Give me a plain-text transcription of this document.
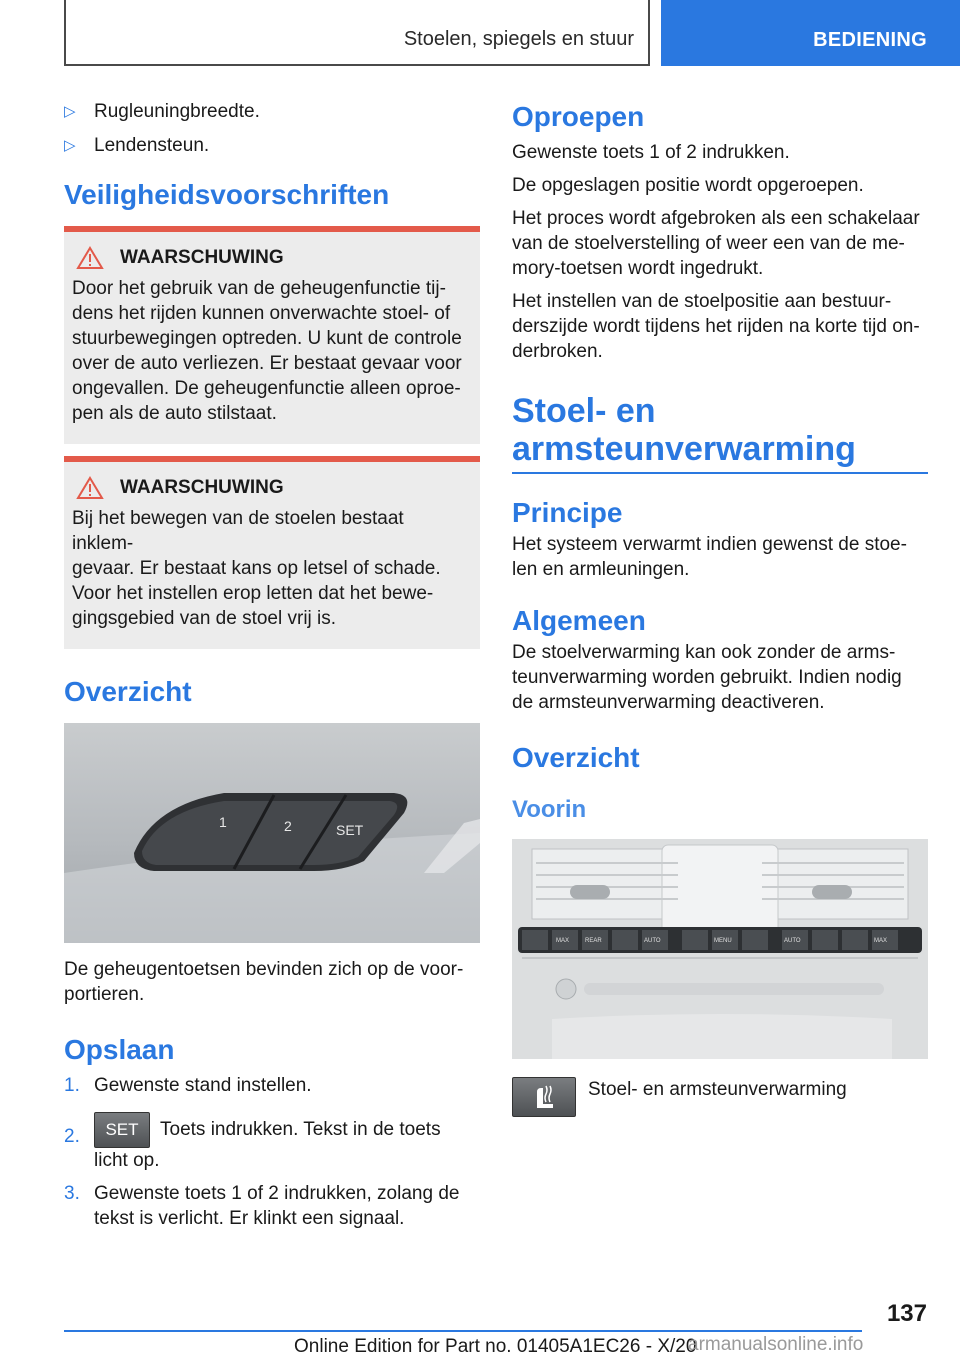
Stoelen, spiegels en stuur	BEDIENING
▷ Rugleuningbreedte.
▷ Lendensteun.
Veiligheidsvoorschriften
WAARSCHUWING

Door het gebruik van de geheugenfunctie tij‐

dens het rijden kunnen onverwachte stoel- of

stuurbewegingen optreden. U kunt de controle

over de auto verliezen. Er bestaat gevaar voor

ongevallen. De geheugenfunctie alleen oproe‐

pen als de auto stilstaat.

WAARSCHUWING

Bij het bewegen van de stoelen bestaat inklem‐

gevaar. Er bestaat kans op letsel of schade.

Voor het instellen erop letten dat het bewe‐

gingsgebied van de stoel vrij is.

Overzicht
1	2	SET

De geheugentoetsen bevinden zich op de voor‐

portieren.

Opslaan
1. Gewenste stand instellen.
2. SET Toets indrukken. Tekst in de toets
licht op.
3. Gewenste toets 1 of 2 indrukken, zolang de
tekst is verlicht. Er klinkt een signaal.
Oproepen

Gewenste toets 1 of 2 indrukken.

De opgeslagen positie wordt opgeroepen.

Het proces wordt afgebroken als een schakelaar

van de stoelverstelling of weer een van de me‐

mory-toetsen wordt ingedrukt.

Het instellen van de stoelpositie aan bestuur‐

derszijde wordt tijdens het rijden na korte tijd on‐

derbroken.

Stoel- en
armsteunverwarming
Principe

Het systeem verwarmt indien gewenst de stoe‐

len en armleuningen.

Algemeen

De stoelverwarming kan ook zonder de arms‐

teunverwarming worden gebruikt. Indien nodig

de armsteunverwarming deactiveren.

Overzicht
Voorin
MAX	REAR	AUTO	MENU	AUTO	MAX
Stoel- en armsteunverwarming
137
Online Edition for Part no. 01405A1EC26 - X/20
armanualsonline.info
